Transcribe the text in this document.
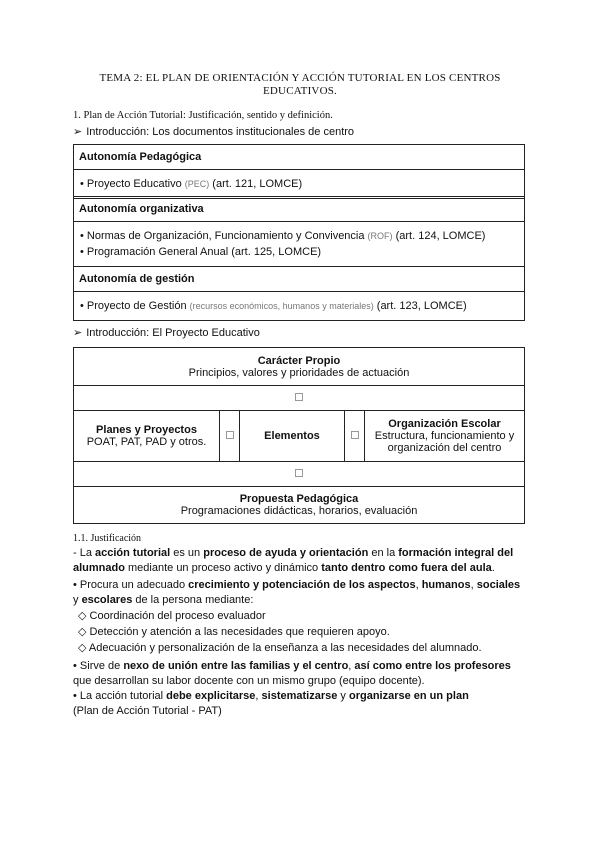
TEMA 2: EL PLAN DE ORIENTACIÓN Y ACCIÓN TUTORIAL EN LOS CENTROS EDUCATIVOS.
1. Plan de Acción Tutorial: Justificación, sentido y definición.
➢ Introducción: Los documentos institucionales de centro
Autonomía Pedagógica
• Proyecto Educativo (PEC) (art. 121, LOMCE)
Autonomía organizativa
• Normas de Organización, Funcionamiento y Convivencia (ROF) (art. 124, LOMCE)
• Programación General Anual (art. 125, LOMCE)
Autonomía de gestión
• Proyecto de Gestión (recursos económicos, humanos y materiales) (art. 123, LOMCE)
➢ Introducción: El Proyecto Educativo
Carácter Propio
Principios, valores y prioridades de actuación
Planes y Proyectos
POAT, PAT, PAD y otros.	Elementos
Organización Escolar
Estructura, funcionamiento y organización del centro
Propuesta Pedagógica
Programaciones didácticas, horarios, evaluación
1.1. Justificación
- La acción tutorial es un proceso de ayuda y orientación en la formación integral del alumnado mediante un proceso activo y dinámico tanto dentro como fuera del aula.
• Procura un adecuado crecimiento y potenciación de los aspectos, humanos, sociales y escolares de la persona mediante:
◇ Coordinación del proceso evaluador
◇ Detección y atención a las necesidades que requieren apoyo.
◇ Adecuación y personalización de la enseñanza a las necesidades del alumnado.
• Sirve de nexo de unión entre las familias y el centro, así como entre los profesores que desarrollan su labor docente con un mismo grupo (equipo docente).
• La acción tutorial debe explicitarse, sistematizarse y organizarse en un plan
(Plan de Acción Tutorial - PAT)
